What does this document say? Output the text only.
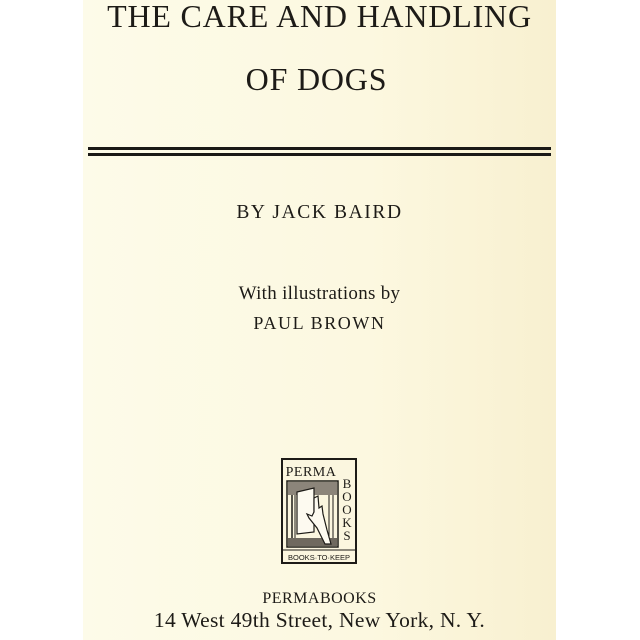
THE CARE AND HANDLING
OF DOGS
BY JACK BAIRD
With illustrations by
PAUL BROWN
PERMA
B
O
O
K
S
BOOKS·TO·KEEP
PERMABOOKS
14 West 49th Street, New York, N. Y.
